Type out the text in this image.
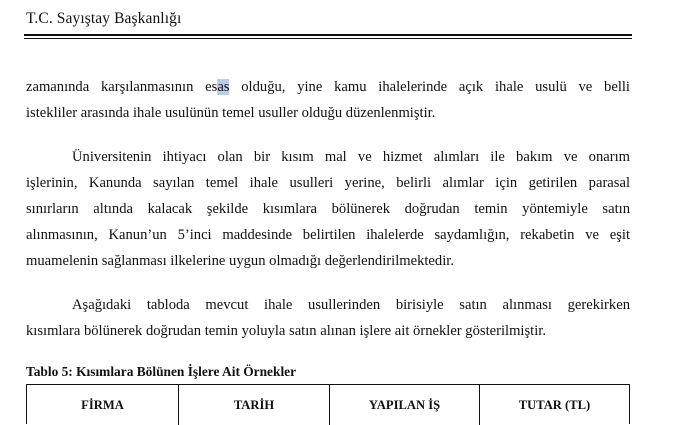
T.C. Sayıştay Başkanlığı
zamanında karşılanmasının esas olduğu, yine kamu ihalelerinde açık ihale usulü ve belli
istekliler arasında ihale usulünün temel usuller olduğu düzenlenmiştir.
Üniversitenin ihtiyacı olan bir kısım mal ve hizmet alımları ile bakım ve onarım
işlerinin, Kanunda sayılan temel ihale usulleri yerine, belirli alımlar için getirilen parasal
sınırların altında kalacak şekilde kısımlara bölünerek doğrudan temin yöntemiyle satın
alınmasının, Kanun’un 5’inci maddesinde belirtilen ihalelerde saydamlığın, rekabetin ve eşit
muamelenin sağlanması ilkelerine uygun olmadığı değerlendirilmektedir.
Aşağıdaki tabloda mevcut ihale usullerinden birisiyle satın alınması gerekirken
kısımlara bölünerek doğrudan temin yoluyla satın alınan işlere ait örnekler gösterilmiştir.
Tablo 5: Kısımlara Bölünen İşlere Ait Örnekler
FİRMA	TARİH	YAPILAN İŞ	TUTAR (TL)
